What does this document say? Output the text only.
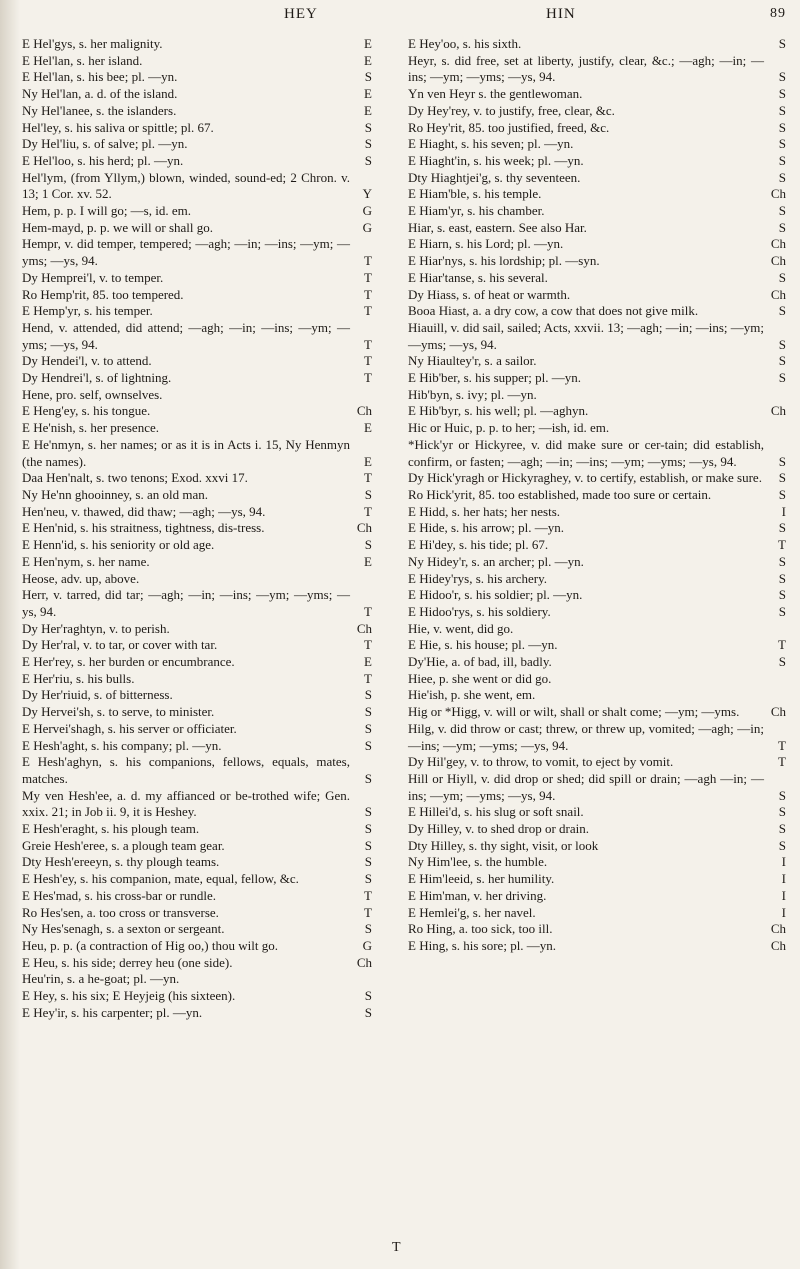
HEY	HIN	89
E Hel'gys, s. her malignity.	E
E Hel'lan, s. her island.	E
E Hel'lan, s. his bee; pl. —yn.	S
Ny Hel'lan, a. d. of the island.	E
Ny Hel'lanee, s. the islanders.	E
Hel'ley, s. his saliva or spittle; pl. 67.	S
Dy Hel'liu, s. of salve; pl. —yn.	S
E Hel'loo, s. his herd; pl. —yn.	S
Hel'lym, (from Yllym,) blown, winded, sound-ed; 2 Chron. v. 13; 1 Cor. xv. 52.	Y
Hem, p. p. I will go; —s, id. em.	G
Hem-mayd, p. p. we will or shall go.	G
Hempr, v. did temper, tempered; —agh; —in; —ins; —ym; —yms; —ys, 94.	T
Dy Hemprei'l, v. to temper.	T
Ro Hemp'rit, 85. too tempered.	T
E Hemp'yr, s. his temper.	T
Hend, v. attended, did attend; —agh; —in; —ins; —ym; —yms; —ys, 94.	T
Dy Hendei'l, v. to attend.	T
Dy Hendrei'l, s. of lightning.	T
Hene, pro. self, ownselves.
E Heng'ey, s. his tongue.	Ch
E He'nish, s. her presence.	E
E He'nmyn, s. her names; or as it is in Acts i. 15, Ny Henmyn (the names).	E
Daa Hen'nalt, s. two tenons; Exod. xxvi 17.	T
Ny He'nn ghooinney, s. an old man.	S
Hen'neu, v. thawed, did thaw; —agh; —ys, 94.	T
E Hen'nid, s. his straitness, tightness, dis-tress.	Ch
E Henn'id, s. his seniority or old age.	S
E Hen'nym, s. her name.	E
Heose, adv. up, above.
Herr, v. tarred, did tar; —agh; —in; —ins; —ym; —yms; —ys, 94.	T
Dy Her'raghtyn, v. to perish.	Ch
Dy Her'ral, v. to tar, or cover with tar.	T
E Her'rey, s. her burden or encumbrance.	E
E Her'riu, s. his bulls.	T
Dy Her'riuid, s. of bitterness.	S
Dy Hervei'sh, s. to serve, to minister.	S
E Hervei'shagh, s. his server or officiater.	S
E Hesh'aght, s. his company; pl. —yn.	S
E Hesh'aghyn, s. his companions, fellows, equals, mates, matches.	S
My ven Hesh'ee, a. d. my affianced or be-trothed wife; Gen. xxix. 21; in Job ii. 9, it is Heshey.	S
E Hesh'eraght, s. his plough team.	S
Greie Hesh'eree, s. a plough team gear.	S
Dty Hesh'ereeyn, s. thy plough teams.	S
E Hesh'ey, s. his companion, mate, equal, fellow, &c.	S
E Hes'mad, s. his cross-bar or rundle.	T
Ro Hes'sen, a. too cross or transverse.	T
Ny Hes'senagh, s. a sexton or sergeant.	S
Heu, p. p. (a contraction of Hig oo,) thou wilt go.	G
E Heu, s. his side; derrey heu (one side).	Ch
Heu'rin, s. a he-goat; pl. —yn.
E Hey, s. his six; E Heyjeig (his sixteen).	S
E Hey'ir, s. his carpenter; pl. —yn.	S
E Hey'oo, s. his sixth.	S
Heyr, s. did free, set at liberty, justify, clear, &c.; —agh; —in; —ins; —ym; —yms; —ys, 94.	S
Yn ven Heyr s. the gentlewoman.	S
Dy Hey'rey, v. to justify, free, clear, &c.	S
Ro Hey'rit, 85. too justified, freed, &c.	S
E Hiaght, s. his seven; pl. —yn.	S
E Hiaght'in, s. his week; pl. —yn.	S
Dty Hiaghtjei'g, s. thy seventeen.	S
E Hiam'ble, s. his temple.	Ch
E Hiam'yr, s. his chamber.	S
Hiar, s. east, eastern. See also Har.	S
E Hiarn, s. his Lord; pl. —yn.	Ch
E Hiar'nys, s. his lordship; pl. —syn.	Ch
E Hiar'tanse, s. his several.	S
Dy Hiass, s. of heat or warmth.	Ch
Booa Hiast, a. a dry cow, a cow that does not give milk.	S
Hiauill, v. did sail, sailed; Acts, xxvii. 13; —agh; —in; —ins; —ym; —yms; —ys, 94.	S
Ny Hiaultey'r, s. a sailor.	S
E Hib'ber, s. his supper; pl. —yn.	S
Hib'byn, s. ivy; pl. —yn.
E Hib'byr, s. his well; pl. —aghyn.	Ch
Hic or Huic, p. p. to her; —ish, id. em.
*Hick'yr or Hickyree, v. did make sure or cer-tain; did establish, confirm, or fasten; —agh; —in; —ins; —ym; —yms; —ys, 94.	S
Dy Hick'yragh or Hickyraghey, v. to certify, establish, or make sure.	S
Ro Hick'yrit, 85. too established, made too sure or certain.	S
E Hidd, s. her hats; her nests.	I
E Hide, s. his arrow; pl. —yn.	S
E Hi'dey, s. his tide; pl. 67.	T
Ny Hidey'r, s. an archer; pl. —yn.	S
E Hidey'rys, s. his archery.	S
E Hidoo'r, s. his soldier; pl. —yn.	S
E Hidoo'rys, s. his soldiery.	S
Hie, v. went, did go.
E Hie, s. his house; pl. —yn.	T
Dy'Hie, a. of bad, ill, badly.	S
Hiee, p. she went or did go.
Hie'ish, p. she went, em.
Hig or *Higg, v. will or wilt, shall or shalt come; —ym; —yms.	Ch
Hilg, v. did throw or cast; threw, or threw up, vomited; —agh; —in; —ins; —ym; —yms; —ys, 94.	T
Dy Hil'gey, v. to throw, to vomit, to eject by vomit.	T
Hill or Hiyll, v. did drop or shed; did spill or drain; —agh —in; —ins; —ym; —yms; —ys, 94.	S
E Hillei'd, s. his slug or soft snail.	S
Dy Hilley, v. to shed drop or drain.	S
Dty Hilley, s. thy sight, visit, or look	S
Ny Him'lee, s. the humble.	I
E Him'leeid, s. her humility.	I
E Him'man, v. her driving.	I
E Hemlei'g, s. her navel.	I
Ro Hing, a. too sick, too ill.	Ch
E Hing, s. his sore; pl. —yn.	Ch
T
